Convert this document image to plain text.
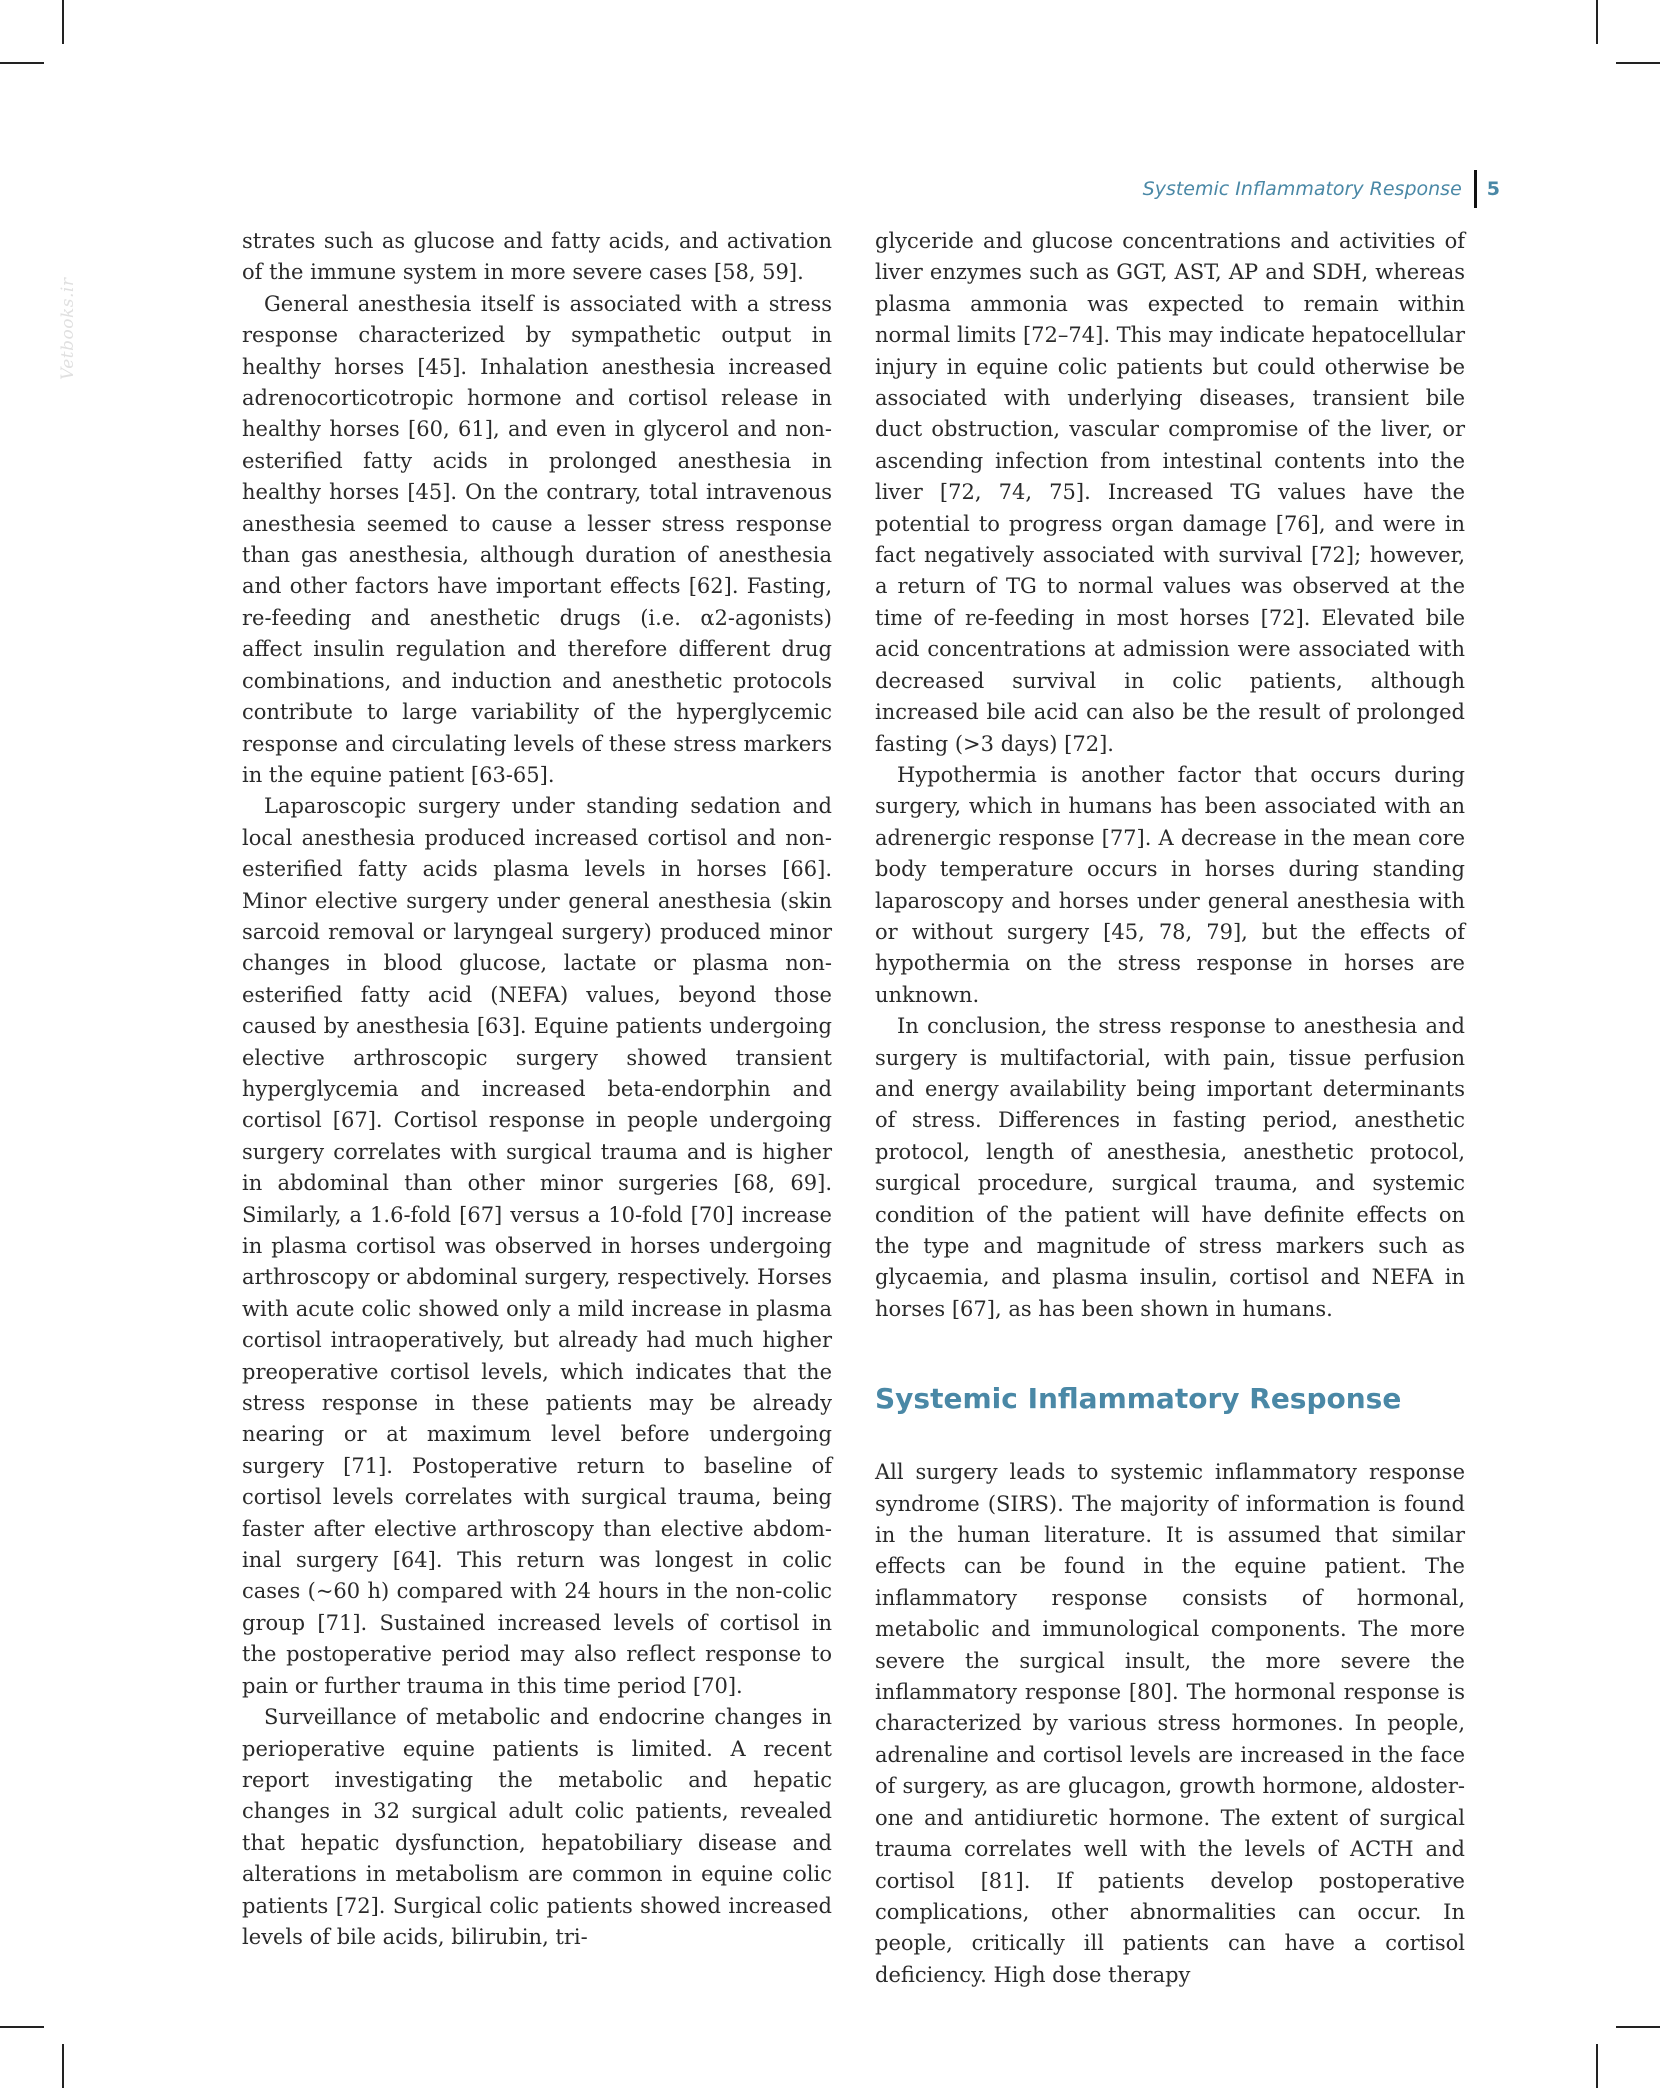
Vetbooks.ir
Systemic Inflammatory Response	5

strates such as glucose and fatty acids, and activation of the immune system in more severe cases [58, 59].

General anesthesia itself is associated with a stress response characterized by sympathetic output in healthy horses [45]. Inhalation anesthesia increased adrenocorticotropic hormone and cortisol release in healthy horses [60, 61], and even in glycerol and non-esterified fatty acids in prolonged anesthesia in healthy horses [45]. On the contrary, total intravenous anesthesia seemed to cause a lesser stress response than gas anesthesia, although duration of anesthesia and other factors have important effects [62]. Fasting, re-feeding and anesthetic drugs (i.e. α2-agonists) affect insulin regulation and therefore different drug combinations, and induction and anesthetic protocols contribute to large variability of the hyperglycemic response and circulating levels of these stress markers in the equine patient [63-65].

Laparoscopic surgery under standing sedation and local anesthesia produced increased cortisol and non-esterified fatty acids plasma levels in horses [66]. Minor elective surgery under general anesthesia (skin sarcoid removal or laryngeal surgery) produced minor changes in blood glucose, lactate or plasma non-esterified fatty acid (NEFA) values, beyond those caused by anesthesia [63]. Equine patients undergoing elective arthroscopic surgery showed transient hyperglycemia and increased beta-endorphin and cortisol [67]. Cortisol response in people undergoing surgery correlates with surgical trauma and is higher in abdominal than other minor surgeries [68, 69]. Similarly, a 1.6-fold [67] versus a 10-fold [70] increase in plasma cortisol was observed in horses undergoing arthroscopy or abdominal surgery, respectively. Horses with acute colic showed only a mild increase in plasma cortisol intraoperatively, but already had much higher preoperative cortisol levels, which indicates that the stress response in these patients may be already nearing or at maximum level before undergoing surgery [71]. Postoperative return to baseline of cortisol levels correlates with surgical trauma, being faster after elective arthroscopy than elective abdominal surgery [64]. This return was longest in colic cases (~60 h) compared with 24 hours in the non-colic group [71]. Sustained increased levels of cortisol in the postoperative period may also reflect response to pain or further trauma in this time period [70].

Surveillance of metabolic and endocrine changes in perioperative equine patients is limited. A recent report investigating the metabolic and hepatic changes in 32 surgical adult colic patients, revealed that hepatic dysfunction, hepatobiliary disease and alterations in metabolism are common in equine colic patients [72]. Surgical colic patients showed increased levels of bile acids, bilirubin, tri-

glyceride and glucose concentrations and activities of liver enzymes such as GGT, AST, AP and SDH, whereas plasma ammonia was expected to remain within normal limits [72–74]. This may indicate hepatocellular injury in equine colic patients but could otherwise be associated with underlying diseases, transient bile duct obstruction, vascular compromise of the liver, or ascending infection from intestinal contents into the liver [72, 74, 75]. Increased TG values have the potential to progress organ damage [76], and were in fact negatively associated with survival [72]; however, a return of TG to normal values was observed at the time of re-feeding in most horses [72]. Elevated bile acid concentrations at admission were associated with decreased survival in colic patients, although increased bile acid can also be the result of prolonged fasting (>3 days) [72].

Hypothermia is another factor that occurs during surgery, which in humans has been associated with an adrenergic response [77]. A decrease in the mean core body temperature occurs in horses during standing laparoscopy and horses under general anesthesia with or without surgery [45, 78, 79], but the effects of hypothermia on the stress response in horses are unknown.

In conclusion, the stress response to anesthesia and surgery is multifactorial, with pain, tissue perfusion and energy availability being important determinants of stress. Differences in fasting period, anesthetic protocol, length of anesthesia, anesthetic protocol, surgical procedure, surgical trauma, and systemic condition of the patient will have definite effects on the type and magnitude of stress markers such as glycaemia, and plasma insulin, cortisol and NEFA in horses [67], as has been shown in humans.

Systemic Inflammatory Response

All surgery leads to systemic inflammatory response syndrome (SIRS). The majority of information is found in the human literature. It is assumed that similar effects can be found in the equine patient. The inflammatory response consists of hormonal, metabolic and immunological components. The more severe the surgical insult, the more severe the inflammatory response [80]. The hormonal response is characterized by various stress hormones. In people, adrenaline and cortisol levels are increased in the face of surgery, as are glucagon, growth hormone, aldosterone and antidiuretic hormone. The extent of surgical trauma correlates well with the levels of ACTH and cortisol [81]. If patients develop postoperative complications, other abnormalities can occur. In people, critically ill patients can have a cortisol deficiency. High dose therapy
